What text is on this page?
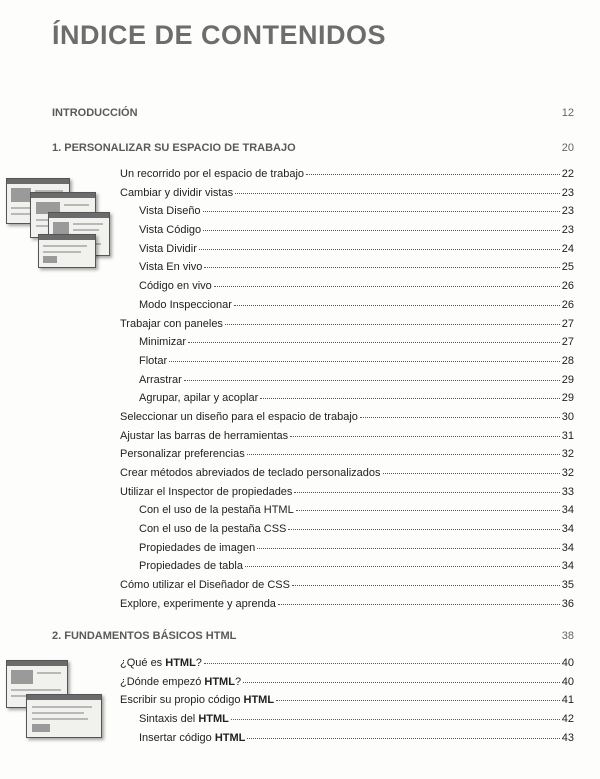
ÍNDICE DE CONTENIDOS
INTRODUCCIÓN	12
1. PERSONALIZAR SU ESPACIO DE TRABAJO	20
Un recorrido por el espacio de trabajo	22
Cambiar y dividir vistas	23
Vista Diseño	23
Vista Código	23
Vista Dividir	24
Vista En vivo	25
Código en vivo	26
Modo Inspeccionar	26
Trabajar con paneles	27
Minimizar	27
Flotar	28
Arrastrar	29
Agrupar, apilar y acoplar	29
Seleccionar un diseño para el espacio de trabajo	30
Ajustar las barras de herramientas	31
Personalizar preferencias	32
Crear métodos abreviados de teclado personalizados	32
Utilizar el Inspector de propiedades	33
Con el uso de la pestaña HTML	34
Con el uso de la pestaña CSS	34
Propiedades de imagen	34
Propiedades de tabla	34
Cómo utilizar el Diseñador de CSS	35
Explore, experimente y aprenda	36
2. FUNDAMENTOS BÁSICOS HTML	38
¿Qué es HTML?	40
¿Dónde empezó HTML?	40
Escribir su propio código HTML	41
Sintaxis del HTML	42
Insertar código HTML	43
